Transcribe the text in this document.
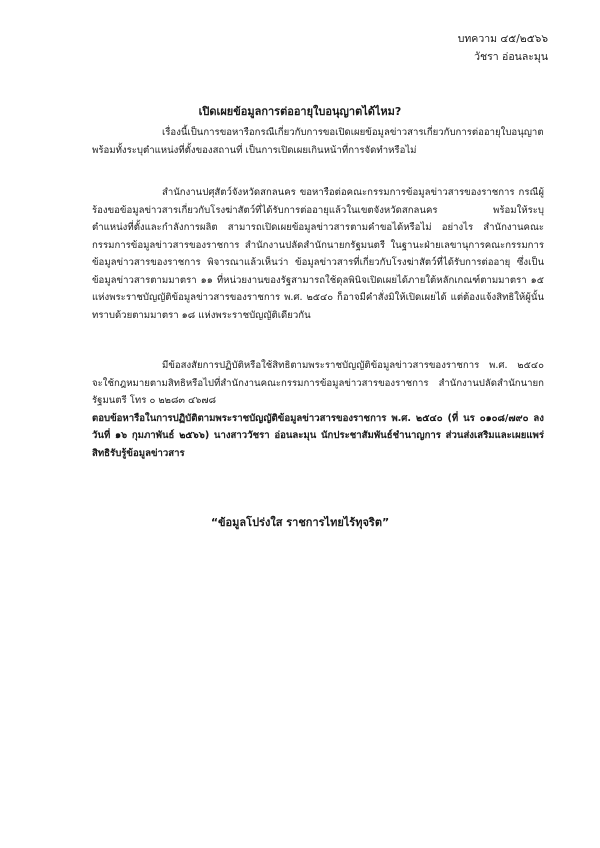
บทความ ๔๕/๒๕๖๖
วัชรา อ่อนละมุน
เปิดเผยข้อมูลการต่ออายุใบอนุญาตได้ไหม?

เรื่องนี้เป็นการขอหารือกรณีเกี่ยวกับการขอเปิดเผยข้อมูลข่าวสารเกี่ยวกับการต่ออายุใบอนุญาต พร้อมทั้งระบุตำแหน่งที่ตั้งของสถานที่ เป็นการเปิดเผยเกินหน้าที่การจัดทำหรือไม่

สำนักงานปศุสัตว์จังหวัดสกลนคร ขอหารือต่อคณะกรรมการข้อมูลข่าวสารของราชการ กรณีผู้ร้องขอข้อมูลข่าวสารเกี่ยวกับโรงฆ่าสัตว์ที่ได้รับการต่ออายุแล้วในเขตจังหวัดสกลนคร พร้อมให้ระบุตำแหน่งที่ตั้งและกำลังการผลิต สามารถเปิดเผยข้อมูลข่าวสารตามคำขอได้หรือไม่ อย่างไร สำนักงานคณะกรรมการข้อมูลข่าวสารของราชการ สำนักงานปลัดสำนักนายกรัฐมนตรี ในฐานะฝ่ายเลขานุการคณะกรรมการข้อมูลข่าวสารของราชการ พิจารณาแล้วเห็นว่า ข้อมูลข่าวสารที่เกี่ยวกับโรงฆ่าสัตว์ที่ได้รับการต่ออายุ ซึ่งเป็นข้อมูลข่าวสารตามมาตรา ๑๑ ที่หน่วยงานของรัฐสามารถใช้ดุลพินิจเปิดเผยได้ภายใต้หลักเกณฑ์ตามมาตรา ๑๕ แห่งพระราชบัญญัติข้อมูลข่าวสารของราชการ พ.ศ. ๒๕๔๐ ก็อาจมีคำสั่งมิให้เปิดเผยได้ แต่ต้องแจ้งสิทธิให้ผู้นั้นทราบด้วยตามมาตรา ๑๘ แห่งพระราชบัญญัติเดียวกัน

มีข้อสงสัยการปฏิบัติหรือใช้สิทธิตามพระราชบัญญัติข้อมูลข่าวสารของราชการ พ.ศ. ๒๕๔๐ จะใช้กฎหมายตามสิทธิหรือไปที่สำนักงานคณะกรรมการข้อมูลข่าวสารของราชการ สำนักงานปลัดสำนักนายกรัฐมนตรี โทร ๐ ๒๒๘๓ ๔๖๗๘

ตอบข้อหารือในการปฏิบัติตามพระราชบัญญัติข้อมูลข่าวสารของราชการ พ.ศ. ๒๕๔๐ (ที่ นร ๐๑๐๘/๗๙๐ ลงวันที่ ๑๖ กุมภาพันธ์ ๒๕๖๖) นางสาววัชรา อ่อนละมุน นักประชาสัมพันธ์ชำนาญการ ส่วนส่งเสริมและเผยแพร่สิทธิรับรู้ข้อมูลข่าวสาร

“ข้อมูลโปร่งใส ราชการไทยไร้ทุจริต”
